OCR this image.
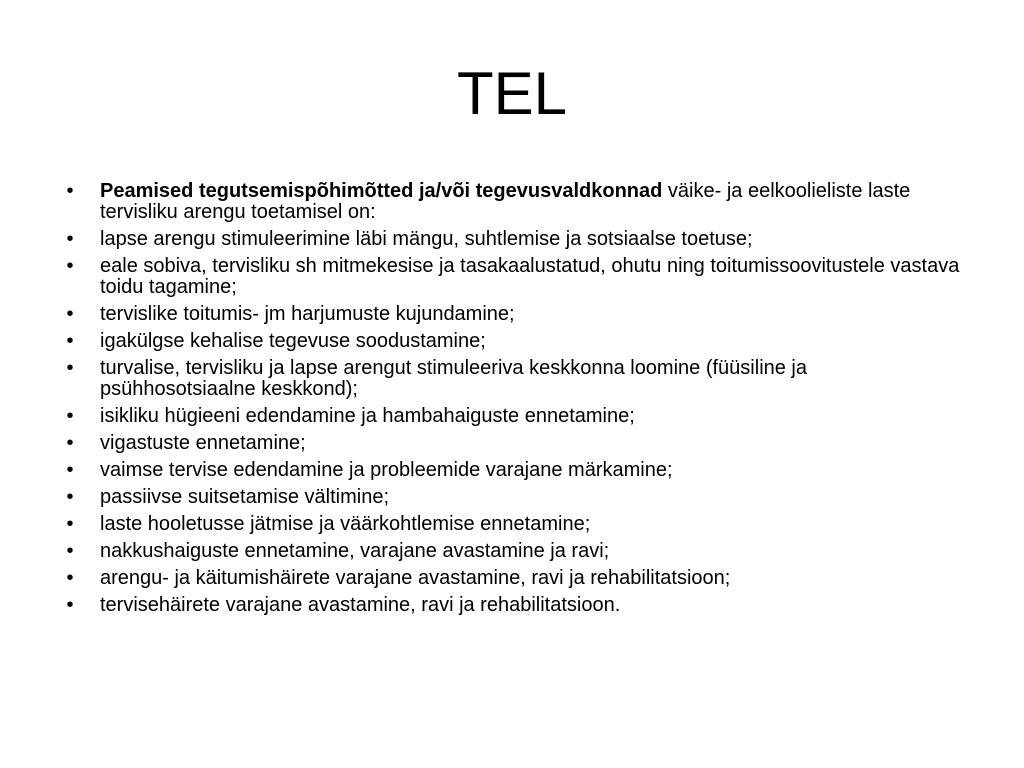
TEL
•	Peamised tegutsemispõhimõtted ja/või tegevusvaldkonnad väike- ja eelkoolieliste laste tervisliku arengu toetamisel on:
•	lapse arengu stimuleerimine läbi mängu, suhtlemise ja sotsiaalse toetuse;
•	eale sobiva, tervisliku sh mitmekesise ja tasakaalustatud, ohutu ning toitumissoovitustele vastava toidu tagamine;
•	tervislike toitumis- jm harjumuste kujundamine;
•	igakülgse kehalise tegevuse soodustamine;
•	turvalise, tervisliku ja lapse arengut stimuleeriva keskkonna loomine (füüsiline ja psühhosotsiaalne keskkond);
•	isikliku hügieeni edendamine ja hambahaiguste ennetamine;
•	vigastuste ennetamine;
•	vaimse tervise edendamine ja probleemide varajane märkamine;
•	passiivse suitsetamise vältimine;
•	laste hooletusse jätmise ja väärkohtlemise ennetamine;
•	nakkushaiguste ennetamine, varajane avastamine ja ravi;
•	arengu- ja käitumishäirete varajane avastamine, ravi ja rehabilitatsioon;
•	tervisehäirete varajane avastamine, ravi ja rehabilitatsioon.
